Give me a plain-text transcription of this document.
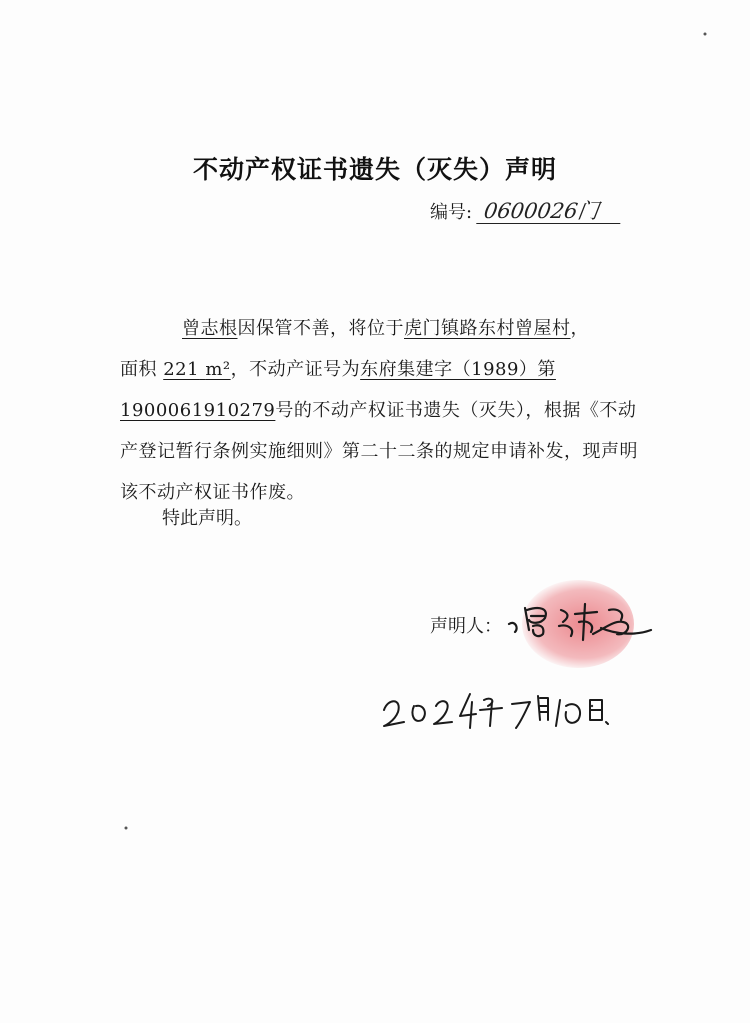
不动产权证书遗失（灭失）声明
编号: 0600026门

曾志根因保管不善，将位于虎门镇路东村曾屋村，

面积 221 m²，不动产证号为东府集建字（1989）第

1900061910279号的不动产权证书遗失（灭失），根据《不动产登记暂行条例实施细则》第二十二条的规定申请补发，现声明该不动产权证书作废。

特此声明。
声明人：
